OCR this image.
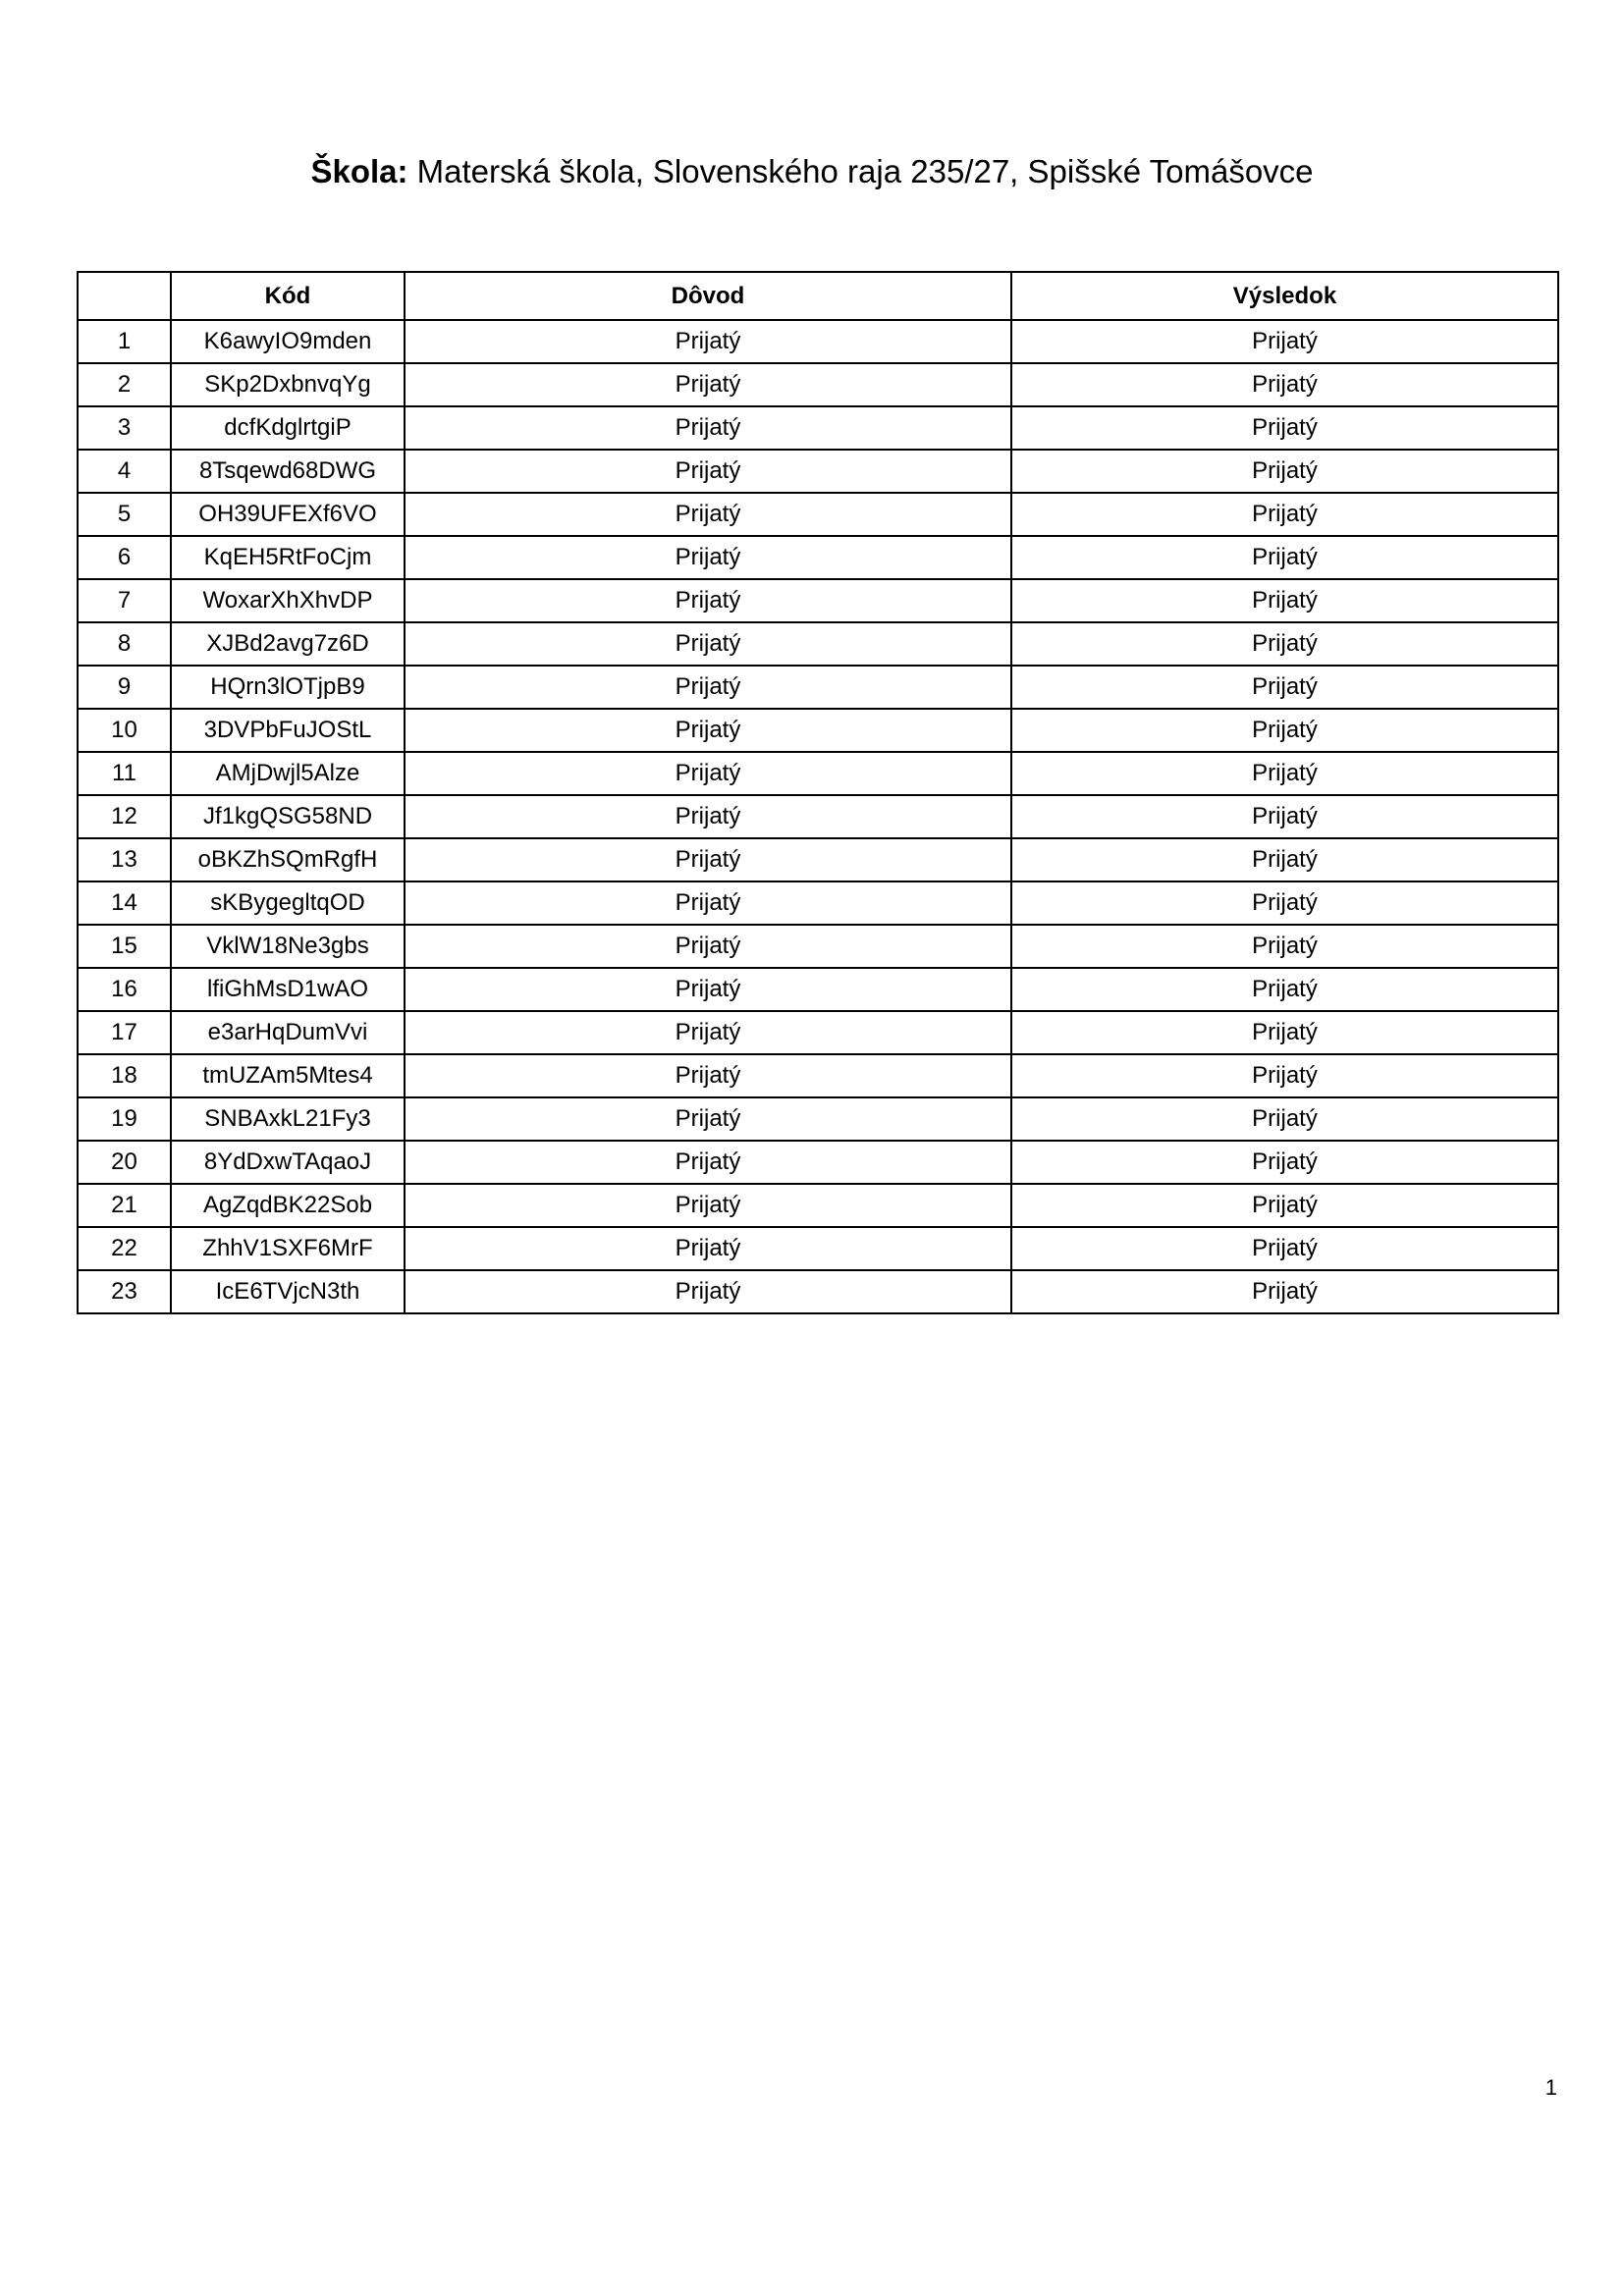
Škola: Materská škola, Slovenského raja 235/27, Spišské Tomášovce
	Kód	Dôvod	Výsledok
1	K6awyIO9mden	Prijatý	Prijatý
2	SKp2DxbnvqYg	Prijatý	Prijatý
3	dcfKdglrtgiP	Prijatý	Prijatý
4	8Tsqewd68DWG	Prijatý	Prijatý
5	OH39UFEXf6VO	Prijatý	Prijatý
6	KqEH5RtFoCjm	Prijatý	Prijatý
7	WoxarXhXhvDP	Prijatý	Prijatý
8	XJBd2avg7z6D	Prijatý	Prijatý
9	HQrn3lOTjpB9	Prijatý	Prijatý
10	3DVPbFuJOStL	Prijatý	Prijatý
11	AMjDwjl5Alze	Prijatý	Prijatý
12	Jf1kgQSG58ND	Prijatý	Prijatý
13	oBKZhSQmRgfH	Prijatý	Prijatý
14	sKBygegltqOD	Prijatý	Prijatý
15	VklW18Ne3gbs	Prijatý	Prijatý
16	lfiGhMsD1wAO	Prijatý	Prijatý
17	e3arHqDumVvi	Prijatý	Prijatý
18	tmUZAm5Mtes4	Prijatý	Prijatý
19	SNBAxkL21Fy3	Prijatý	Prijatý
20	8YdDxwTAqaoJ	Prijatý	Prijatý
21	AgZqdBK22Sob	Prijatý	Prijatý
22	ZhhV1SXF6MrF	Prijatý	Prijatý
23	IcE6TVjcN3th	Prijatý	Prijatý
1
